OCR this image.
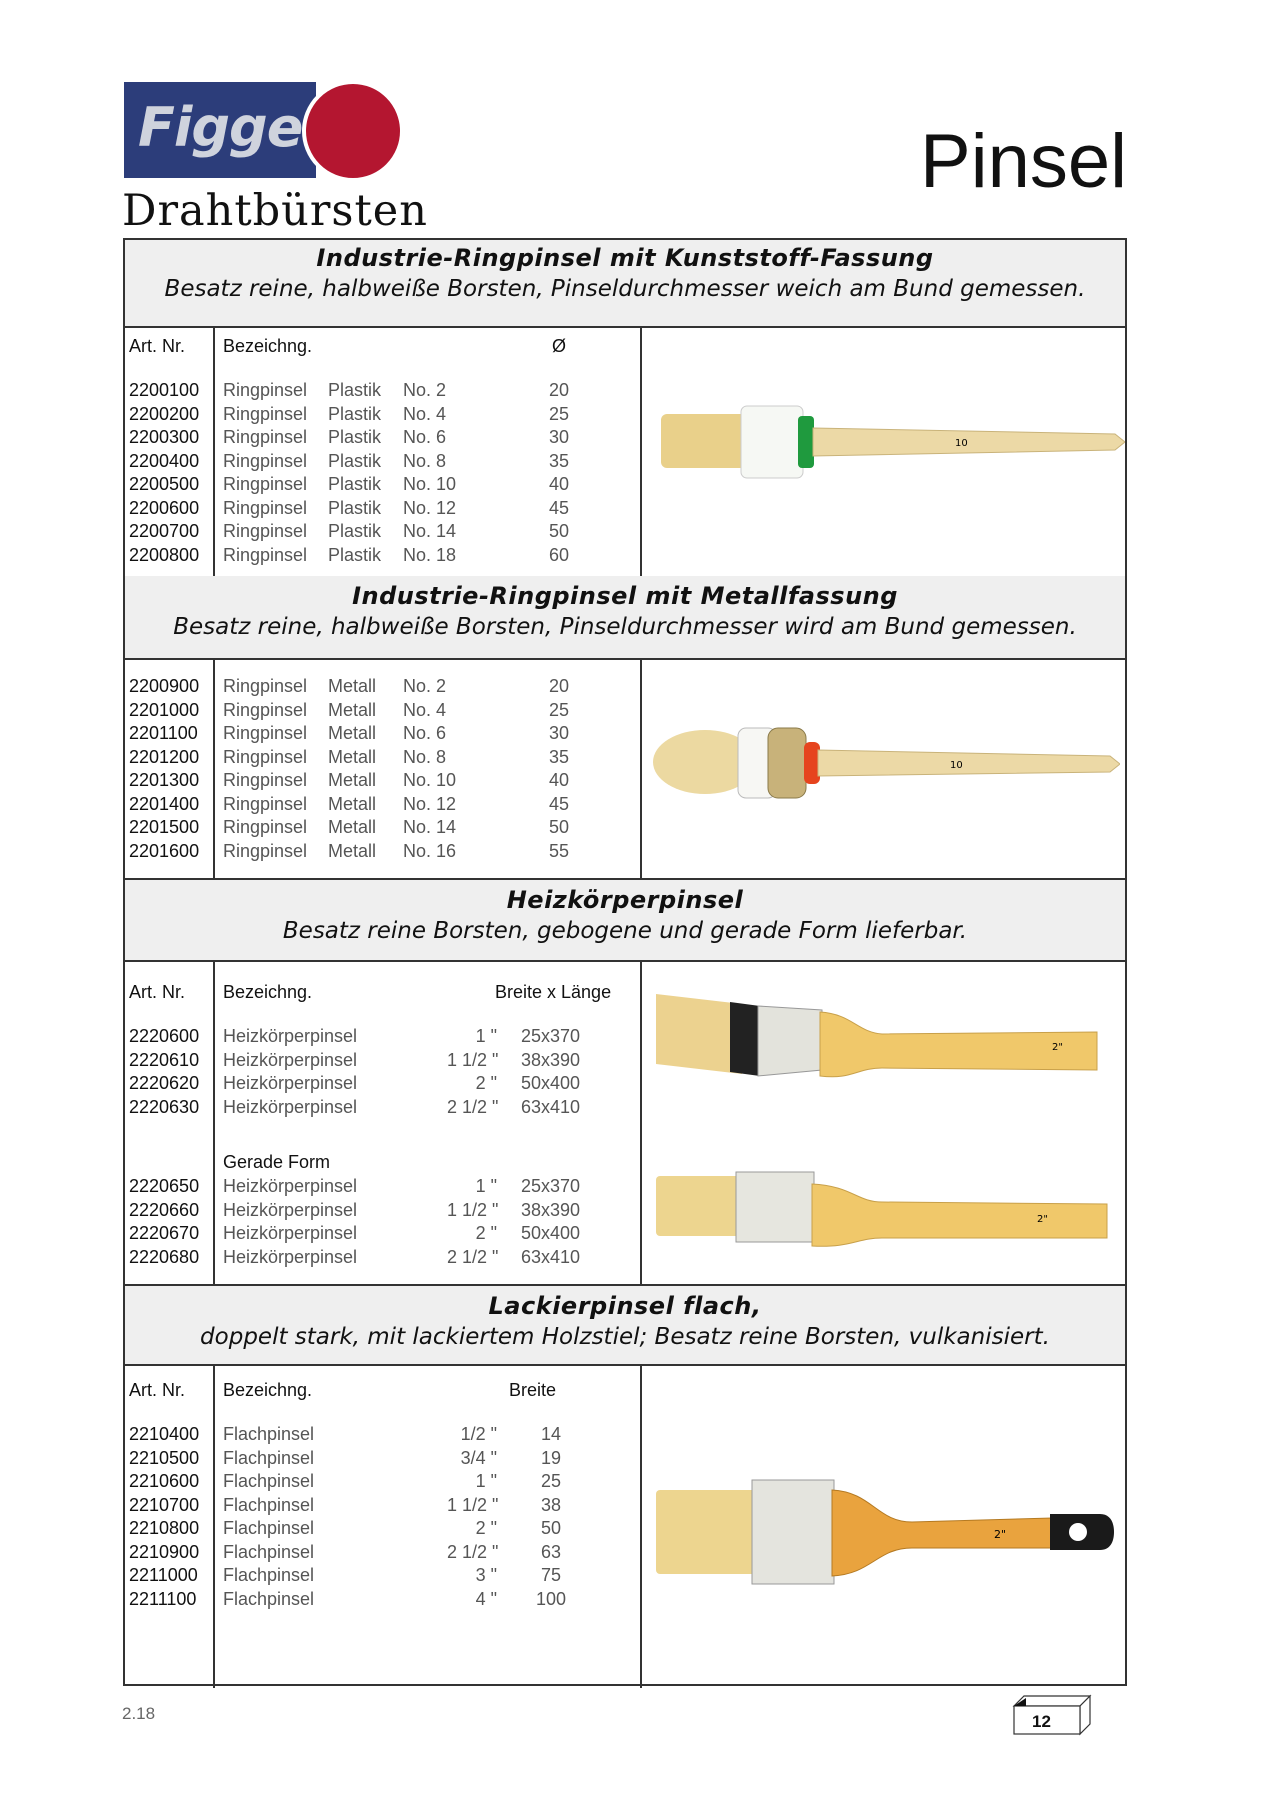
Figge
Drahtbürsten
Pinsel
Industrie-Ringpinsel mit Kunststoff-Fassung
Besatz reine, halbweiße Borsten, Pinseldurchmesser weich am Bund gemessen.
Art. Nr. Bezeichng.	Ø
2200100 Ringpinsel Plastik No. 2	20
2200200 Ringpinsel Plastik No. 4	25
2200300 Ringpinsel Plastik No. 6	30
2200400 Ringpinsel Plastik No. 8	35
2200500 Ringpinsel Plastik No. 10	40
2200600 Ringpinsel Plastik No. 12	45
2200700 Ringpinsel Plastik No. 14	50
2200800 Ringpinsel Plastik No. 18	60
10
Industrie-Ringpinsel mit Metallfassung
Besatz reine, halbweiße Borsten, Pinseldurchmesser wird am Bund gemessen.
2200900 Ringpinsel Metall No. 2	20
2201000 Ringpinsel Metall No. 4	25
2201100 Ringpinsel Metall No. 6	30
2201200 Ringpinsel Metall No. 8	35
2201300 Ringpinsel Metall No. 10	40
2201400 Ringpinsel Metall No. 12	45
2201500 Ringpinsel Metall No. 14	50
2201600 Ringpinsel Metall No. 16	55
10
Heizkörperpinsel
Besatz reine Borsten, gebogene und gerade Form lieferbar.
Art. Nr. Bezeichng.	Breite x Länge
2220600 Heizkörperpinsel	1 "	25x370
2220610 Heizkörperpinsel	1 1/2 "	38x390
2220620 Heizkörperpinsel	2 "	50x400
2220630 Heizkörperpinsel	2 1/2 "	63x410
Gerade Form
2220650 Heizkörperpinsel	1 "	25x370
2220660 Heizkörperpinsel	1 1/2 "	38x390
2220670 Heizkörperpinsel	2 "	50x400
2220680 Heizkörperpinsel	2 1/2 "	63x410
2"
2"
Lackierpinsel flach,
doppelt stark, mit lackiertem Holzstiel; Besatz reine Borsten, vulkanisiert.
Art. Nr. Bezeichng.	Breite
2210400 Flachpinsel	1/2 "	14
2210500 Flachpinsel	3/4 "	19
2210600 Flachpinsel	1 "	25
2210700 Flachpinsel	1 1/2 "	38
2210800 Flachpinsel	2 "	50
2210900 Flachpinsel	2 1/2 "	63
2211000 Flachpinsel	3 "	75
2211100 Flachpinsel	4 "	100
2"
2.18	12
